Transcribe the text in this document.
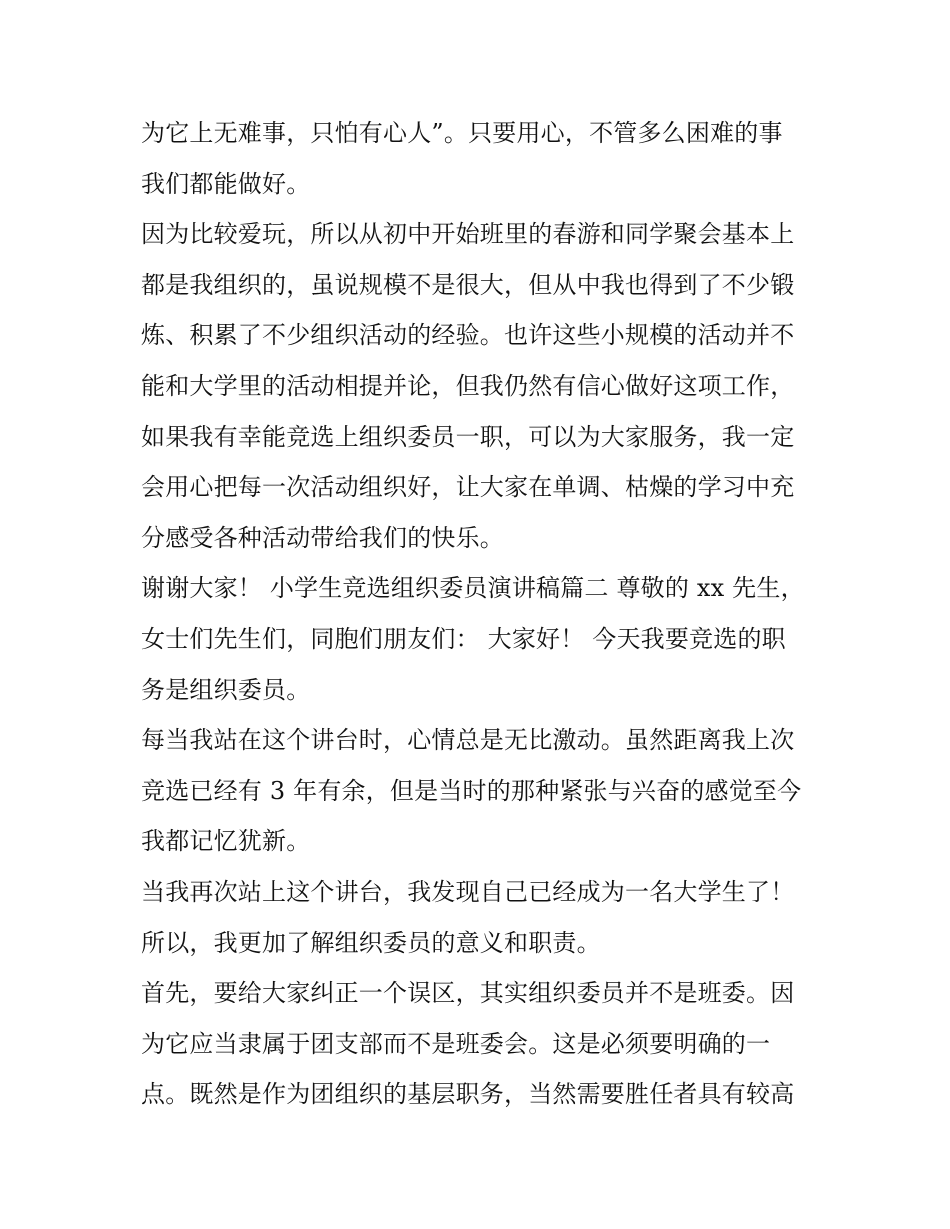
为它上无难事，只怕有心人”。只要用心，不管多么困难的事
我们都能做好。
因为比较爱玩，所以从初中开始班里的春游和同学聚会基本上
都是我组织的，虽说规模不是很大，但从中我也得到了不少锻
炼、积累了不少组织活动的经验。也许这些小规模的活动并不
能和大学里的活动相提并论，但我仍然有信心做好这项工作，
如果我有幸能竞选上组织委员一职，可以为大家服务，我一定
会用心把每一次活动组织好，让大家在单调、枯燥的学习中充
分感受各种活动带给我们的快乐。
谢谢大家！ 小学生竞选组织委员演讲稿篇二 尊敬的 xx 先生，
女士们先生们，同胞们朋友们： 大家好！ 今天我要竞选的职
务是组织委员。
每当我站在这个讲台时，心情总是无比激动。虽然距离我上次
竞选已经有 3 年有余，但是当时的那种紧张与兴奋的感觉至今
我都记忆犹新。
当我再次站上这个讲台，我发现自己已经成为一名大学生了！
所以，我更加了解组织委员的意义和职责。
首先，要给大家纠正一个误区，其实组织委员并不是班委。因
为它应当隶属于团支部而不是班委会。这是必须要明确的一
点。既然是作为团组织的基层职务，当然需要胜任者具有较高
